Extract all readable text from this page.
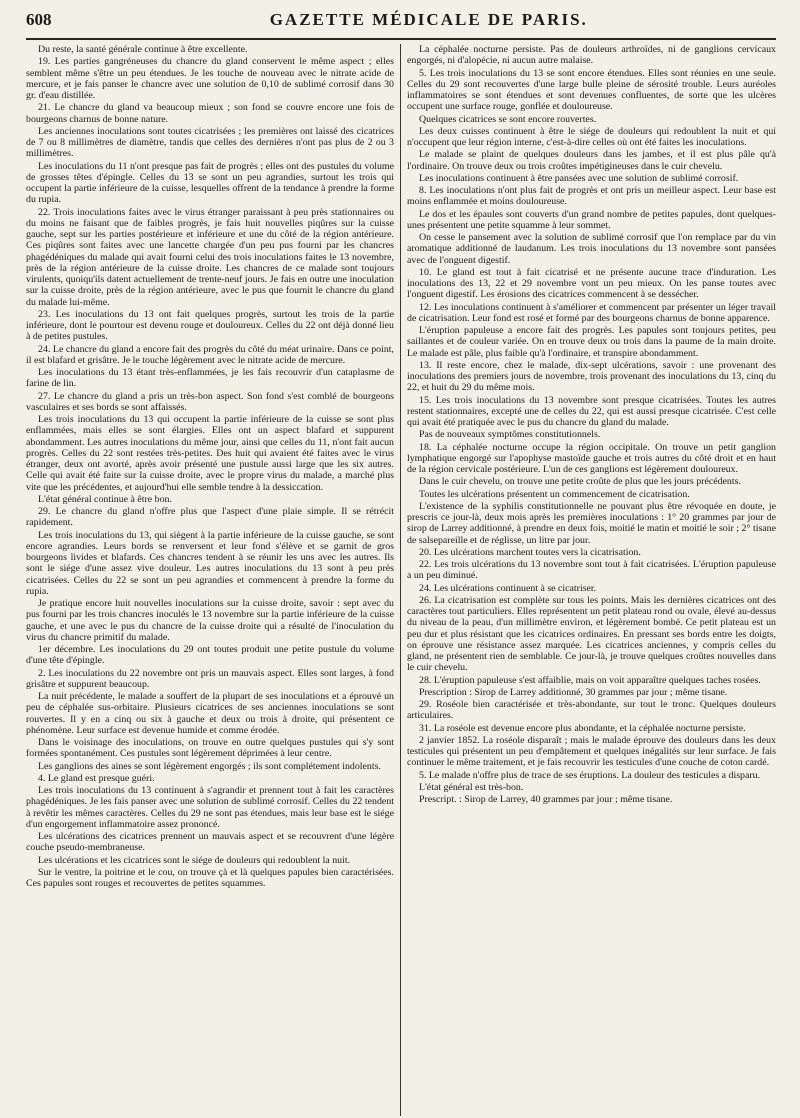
608	GAZETTE MÉDICALE DE PARIS.

Du reste, la santé générale continue à être excellente.

19. Les parties gangréneuses du chancre du gland conservent le même aspect ; elles semblent même s'être un peu étendues. Je les touche de nouveau avec le nitrate acide de mercure, et je fais panser le chancre avec une solution de 0,10 de sublimé corrosif dans 30 gr. d'eau distillée.

21. Le chancre du gland va beaucoup mieux ; son fond se couvre encore une fois de bourgeons charnus de bonne nature.

Les anciennes inoculations sont toutes cicatrisées ; les premières ont laissé des cicatrices de 7 ou 8 millimètres de diamètre, tandis que celles des dernières n'ont pas plus de 2 ou 3 millimètres.

Les inoculations du 11 n'ont presque pas fait de progrès ; elles ont des pustules du volume de grosses têtes d'épingle. Celles du 13 se sont un peu agrandies, surtout les trois qui occupent la partie inférieure de la cuisse, lesquelles offrent de la tendance à prendre la forme du rupia.

22. Trois inoculations faites avec le virus étranger paraissant à peu près stationnaires ou du moins ne faisant que de faibles progrès, je fais huit nouvelles piqûres sur la cuisse gauche, sept sur les parties postérieure et inférieure et une du côté de la région antérieure. Ces piqûres sont faites avec une lancette chargée d'un peu pus fourni par les chancres phagédéniques du malade qui avait fourni celui des trois inoculations faites le 13 novembre, près de la région antérieure de la cuisse droite. Les chancres de ce malade sont toujours virulents, quoiqu'ils datent actuellement de trente-neuf jours. Je fais en outre une inoculation sur la cuisse droite, près de la région antérieure, avec le pus que fournit le chancre du gland du malade lui-même.

23. Les inoculations du 13 ont fait quelques progrès, surtout les trois de la partie inférieure, dont le pourtour est devenu rouge et douloureux. Celles du 22 ont déjà donné lieu à de petites pustules.

24. Le chancre du gland a encore fait des progrès du côté du méat urinaire. Dans ce point, il est blafard et grisâtre. Je le touche légèrement avec le nitrate acide de mercure.

Les inoculations du 13 étant très-enflammées, je les fais recouvrir d'un cataplasme de farine de lin.

27. Le chancre du gland a pris un très-bon aspect. Son fond s'est comblé de bourgeons vasculaires et ses bords se sont affaissés.

Les trois inoculations du 13 qui occupent la partie inférieure de la cuisse se sont plus enflammées, mais elles se sont élargies. Elles ont un aspect blafard et suppurent abondamment. Les autres inoculations du même jour, ainsi que celles du 11, n'ont fait aucun progrès. Celles du 22 sont restées très-petites. Des huit qui avaient été faites avec le virus étranger, deux ont avorté, après avoir présenté une pustule aussi large que les six autres. Celle qui avait été faite sur la cuisse droite, avec le propre virus du malade, a marché plus vite que les précédentes, et aujourd'hui elle semble tendre à la dessiccation.

L'état général continue à être bon.

29. Le chancre du gland n'offre plus que l'aspect d'une plaie simple. Il se rétrécit rapidement.

Les trois inoculations du 13, qui siègent à la partie inférieure de la cuisse gauche, se sont encore agrandies. Leurs bords se renversent et leur fond s'élève et se garnit de gros bourgeons livides et blafards. Ces chancres tendent à se réunir les uns avec les autres. Ils sont le siége d'une assez vive douleur. Les autres inoculations du 13 sont à peu près cicatrisées. Celles du 22 se sont un peu agrandies et commencent à prendre la forme du rupia.

Je pratique encore huit nouvelles inoculations sur la cuisse droite, savoir : sept avec du pus fourni par les trois chancres inoculés le 13 novembre sur la partie inférieure de la cuisse gauche, et une avec le pus du chancre de la cuisse droite qui a résulté de l'inoculation du virus du chancre primitif du malade.

1er décembre. Les inoculations du 29 ont toutes produit une petite pustule du volume d'une tête d'épingle.

2. Les inoculations du 22 novembre ont pris un mauvais aspect. Elles sont larges, à fond grisâtre et suppurent beaucoup.

La nuit précédente, le malade a souffert de la plupart de ses inoculations et a éprouvé un peu de céphalée sus-orbitaire. Plusieurs cicatrices de ses anciennes inoculations se sont rouvertes. Il y en a cinq ou six à gauche et deux ou trois à droite, qui présentent ce phénomène. Leur surface est devenue humide et comme érodée.

Dans le voisinage des inoculations, on trouve en outre quelques pustules qui s'y sont formées spontanément. Ces pustules sont légèrement déprimées à leur centre.

Les ganglions des aines se sont légèrement engorgés ; ils sont complétement indolents.

4. Le gland est presque guéri.

Les trois inoculations du 13 continuent à s'agrandir et prennent tout à fait les caractères phagédéniques. Je les fais panser avec une solution de sublimé corrosif. Celles du 22 tendent à revêtir les mêmes caractères. Celles du 29 ne sont pas étendues, mais leur base est le siége d'un engorgement inflammatoire assez prononcé.

Les ulcérations des cicatrices prennent un mauvais aspect et se recouvrent d'une légère couche pseudo-membraneuse.

Les ulcérations et les cicatrices sont le siége de douleurs qui redoublent la nuit.

Sur le ventre, la poitrine et le cou, on trouve çà et là quelques papules bien caractérisées. Ces papules sont rouges et recouvertes de petites squammes.

La céphalée nocturne persiste. Pas de douleurs arthroïdes, ni de ganglions cervicaux engorgés, ni d'alopécie, ni aucun autre malaise.

5. Les trois inoculations du 13 se sont encore étendues. Elles sont réunies en une seule. Celles du 29 sont recouvertes d'une large bulle pleine de sérosité trouble. Leurs auréoles inflammatoires se sont étendues et sont devenues confluentes, de sorte que les ulcères occupent une surface rouge, gonflée et douloureuse.

Quelques cicatrices se sont encore rouvertes.

Les deux cuisses continuent à être le siége de douleurs qui redoublent la nuit et qui n'occupent que leur région interne, c'est-à-dire celles où ont été faites les inoculations.

Le malade se plaint de quelques douleurs dans les jambes, et il est plus pâle qu'à l'ordinaire. On trouve deux ou trois croûtes impétigineuses dans le cuir chevelu.

Les inoculations continuent à être pansées avec une solution de sublimé corrosif.

8. Les inoculations n'ont plus fait de progrès et ont pris un meilleur aspect. Leur base est moins enflammée et moins douloureuse.

Le dos et les épaules sont couverts d'un grand nombre de petites papules, dont quelques-unes présentent une petite squamme à leur sommet.

On cesse le pansement avec la solution de sublimé corrosif que l'on remplace par du vin aromatique additionné de laudanum. Les trois inoculations du 13 novembre sont pansées avec de l'onguent digestif.

10. Le gland est tout à fait cicatrisé et ne présente aucune trace d'induration. Les inoculations des 13, 22 et 29 novembre vont un peu mieux. On les panse toutes avec l'onguent digestif. Les érosions des cicatrices commencent à se dessécher.

12. Les inoculations continuent à s'améliorer et commencent par présenter un léger travail de cicatrisation. Leur fond est rosé et formé par des bourgeons charnus de bonne apparence.

L'éruption papuleuse a encore fait des progrès. Les papules sont toujours petites, peu saillantes et de couleur variée. On en trouve deux ou trois dans la paume de la main droite. Le malade est pâle, plus faible qu'à l'ordinaire, et transpire abondamment.

13. Il reste encore, chez le malade, dix-sept ulcérations, savoir : une provenant des inoculations des premiers jours de novembre, trois provenant des inoculations du 13, cinq du 22, et huit du 29 du même mois.

15. Les trois inoculations du 13 novembre sont presque cicatrisées. Toutes les autres restent stationnaires, excepté une de celles du 22, qui est aussi presque cicatrisée. C'est celle qui avait été pratiquée avec le pus du chancre du gland du malade.

Pas de nouveaux symptômes constitutionnels.

18. La céphalée nocturne occupe la région occipitale. On trouve un petit ganglion lymphatique engorgé sur l'apophyse mastoïde gauche et trois autres du côté droit et en haut de la région cervicale postérieure. L'un de ces ganglions est légèrement douloureux.

Dans le cuir chevelu, on trouve une petite croûte de plus que les jours précédents.

Toutes les ulcérations présentent un commencement de cicatrisation.

L'existence de la syphilis constitutionnelle ne pouvant plus être révoquée en doute, je prescris ce jour-là, deux mois après les premières inoculations : 1° 20 grammes par jour de sirop de Larrey additionné, à prendre en deux fois, moitié le matin et moitié le soir ; 2° tisane de salsepareille et de réglisse, un litre par jour.

20. Les ulcérations marchent toutes vers la cicatrisation.

22. Les trois ulcérations du 13 novembre sont tout à fait cicatrisées. L'éruption papuleuse a un peu diminué.

24. Les ulcérations continuent à se cicatriser.

26. La cicatrisation est complète sur tous les points. Mais les dernières cicatrices ont des caractères tout particuliers. Elles représentent un petit plateau rond ou ovale, élevé au-dessus du niveau de la peau, d'un millimètre environ, et légèrement bombé. Ce petit plateau est un peu dur et plus résistant que les cicatrices ordinaires. En pressant ses bords entre les doigts, on éprouve une résistance assez marquée. Les cicatrices anciennes, y compris celles du gland, ne présentent rien de semblable. Ce jour-là, je trouve quelques croûtes nouvelles dans le cuir chevelu.

28. L'éruption papuleuse s'est affaiblie, mais on voit apparaître quelques taches rosées.

Prescription : Sirop de Larrey additionné, 30 grammes par jour ; même tisane.

29. Roséole bien caractérisée et très-abondante, sur tout le tronc. Quelques douleurs articulaires.

31. La roséole est devenue encore plus abondante, et la céphalée nocturne persiste.

2 janvier 1852. La roséole disparaît ; mais le malade éprouve des douleurs dans les deux testicules qui présentent un peu d'empâtement et quelques inégalités sur leur surface. Je fais continuer le même traitement, et je fais recouvrir les testicules d'une couche de coton cardé.

5. Le malade n'offre plus de trace de ses éruptions. La douleur des testicules a disparu.

L'état général est très-bon.

Prescript. : Sirop de Larrey, 40 grammes par jour ; même tisane.
